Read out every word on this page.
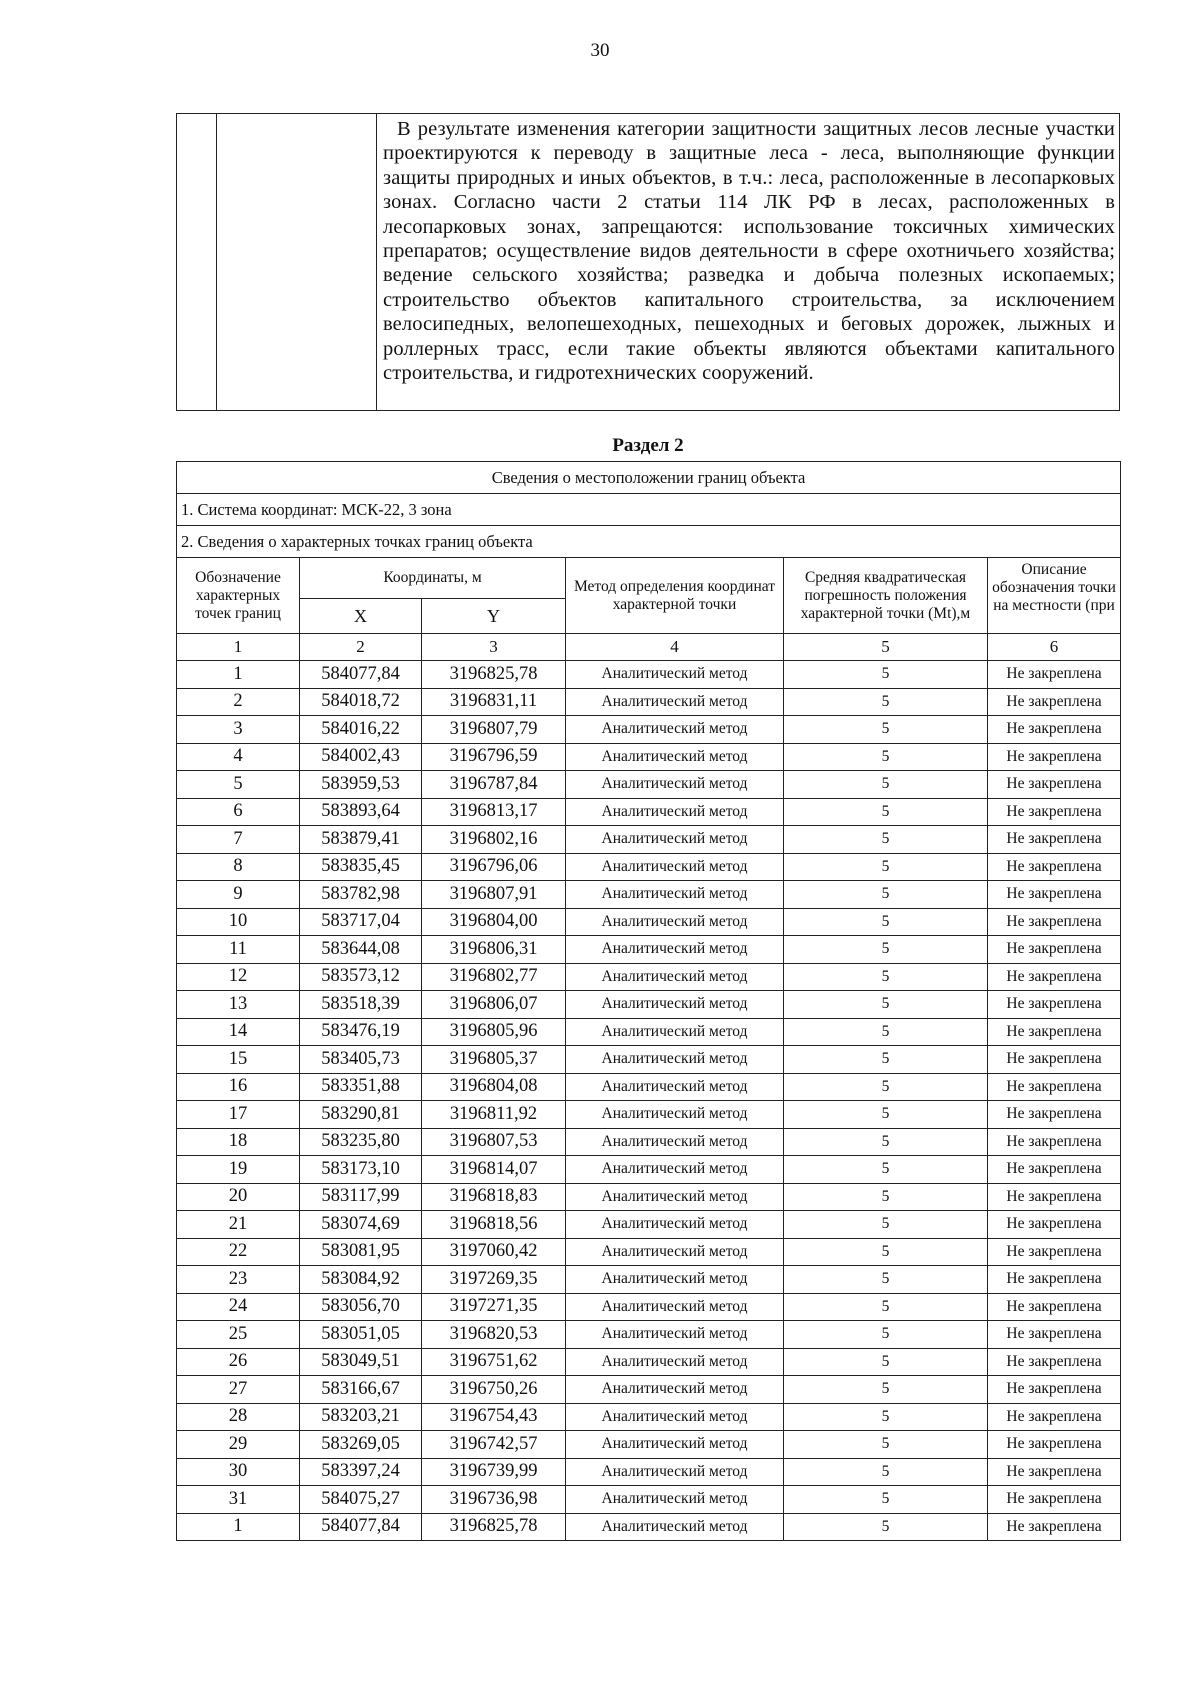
30

В результате изменения категории защитности защитных лесов лесные участки проектируются к переводу в защитные леса - леса, выполняющие функции защиты природных и иных объектов, в т.ч.: леса, расположенные в лесопарковых зонах. Согласно части 2 статьи 114 ЛК РФ в лесах, расположенных в лесопарковых зонах, запрещаются: использование токсичных химических препаратов; осуществление видов деятельности в сфере охотничьего хозяйства; ведение сельского хозяйства; разведка и добыча полезных ископаемых; строительство объектов капитального строительства, за исключением велосипедных, велопешеходных, пешеходных и беговых дорожек, лыжных и роллерных трасс, если такие объекты являются объектами капитального строительства, и гидротехнических сооружений.
Раздел 2
Сведения о местоположении границ объекта					
1. Система координат: МСК-22, 3 зона					
2. Сведения о характерных точках границ объекта					
Обозначение характерных точек границ	Координаты, м		Метод определения координат характерной точки	Средняя квадратическая погрешность положения характерной точки (Mt),м	Описание обозначения точки на местности (при

	X	Y			
1	2	3	4	5	6
1	584077,84	3196825,78	Аналитический метод	5	Не закреплена
2	584018,72	3196831,11	Аналитический метод	5	Не закреплена
3	584016,22	3196807,79	Аналитический метод	5	Не закреплена
4	584002,43	3196796,59	Аналитический метод	5	Не закреплена
5	583959,53	3196787,84	Аналитический метод	5	Не закреплена
6	583893,64	3196813,17	Аналитический метод	5	Не закреплена
7	583879,41	3196802,16	Аналитический метод	5	Не закреплена
8	583835,45	3196796,06	Аналитический метод	5	Не закреплена
9	583782,98	3196807,91	Аналитический метод	5	Не закреплена
10	583717,04	3196804,00	Аналитический метод	5	Не закреплена
11	583644,08	3196806,31	Аналитический метод	5	Не закреплена
12	583573,12	3196802,77	Аналитический метод	5	Не закреплена
13	583518,39	3196806,07	Аналитический метод	5	Не закреплена
14	583476,19	3196805,96	Аналитический метод	5	Не закреплена
15	583405,73	3196805,37	Аналитический метод	5	Не закреплена
16	583351,88	3196804,08	Аналитический метод	5	Не закреплена
17	583290,81	3196811,92	Аналитический метод	5	Не закреплена
18	583235,80	3196807,53	Аналитический метод	5	Не закреплена
19	583173,10	3196814,07	Аналитический метод	5	Не закреплена
20	583117,99	3196818,83	Аналитический метод	5	Не закреплена
21	583074,69	3196818,56	Аналитический метод	5	Не закреплена
22	583081,95	3197060,42	Аналитический метод	5	Не закреплена
23	583084,92	3197269,35	Аналитический метод	5	Не закреплена
24	583056,70	3197271,35	Аналитический метод	5	Не закреплена
25	583051,05	3196820,53	Аналитический метод	5	Не закреплена
26	583049,51	3196751,62	Аналитический метод	5	Не закреплена
27	583166,67	3196750,26	Аналитический метод	5	Не закреплена
28	583203,21	3196754,43	Аналитический метод	5	Не закреплена
29	583269,05	3196742,57	Аналитический метод	5	Не закреплена
30	583397,24	3196739,99	Аналитический метод	5	Не закреплена
31	584075,27	3196736,98	Аналитический метод	5	Не закреплена
1	584077,84	3196825,78	Аналитический метод	5	Не закреплена
